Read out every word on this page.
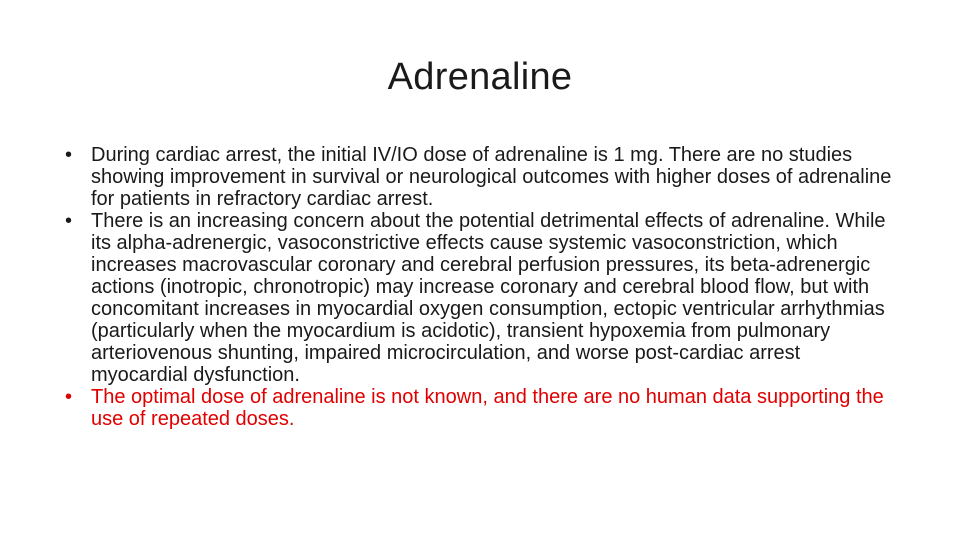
Adrenaline
• During cardiac arrest, the initial IV/IO dose of adrenaline is 1 mg. There are no studies showing improvement in survival or neurological outcomes with higher doses of adrenaline for patients in refractory cardiac arrest.
• There is an increasing concern about the potential detrimental effects of adrenaline. While its alpha-adrenergic, vasoconstrictive effects cause systemic vasoconstriction, which increases macrovascular coronary and cerebral perfusion pressures, its beta-adrenergic actions (inotropic, chronotropic) may increase coronary and cerebral blood flow, but with concomitant increases in myocardial oxygen consumption, ectopic ventricular arrhythmias (particularly when the myocardium is acidotic), transient hypoxemia from pulmonary arteriovenous shunting, impaired microcirculation, and worse post-cardiac arrest myocardial dysfunction.
• The optimal dose of adrenaline is not known, and there are no human data supporting the use of repeated doses.
